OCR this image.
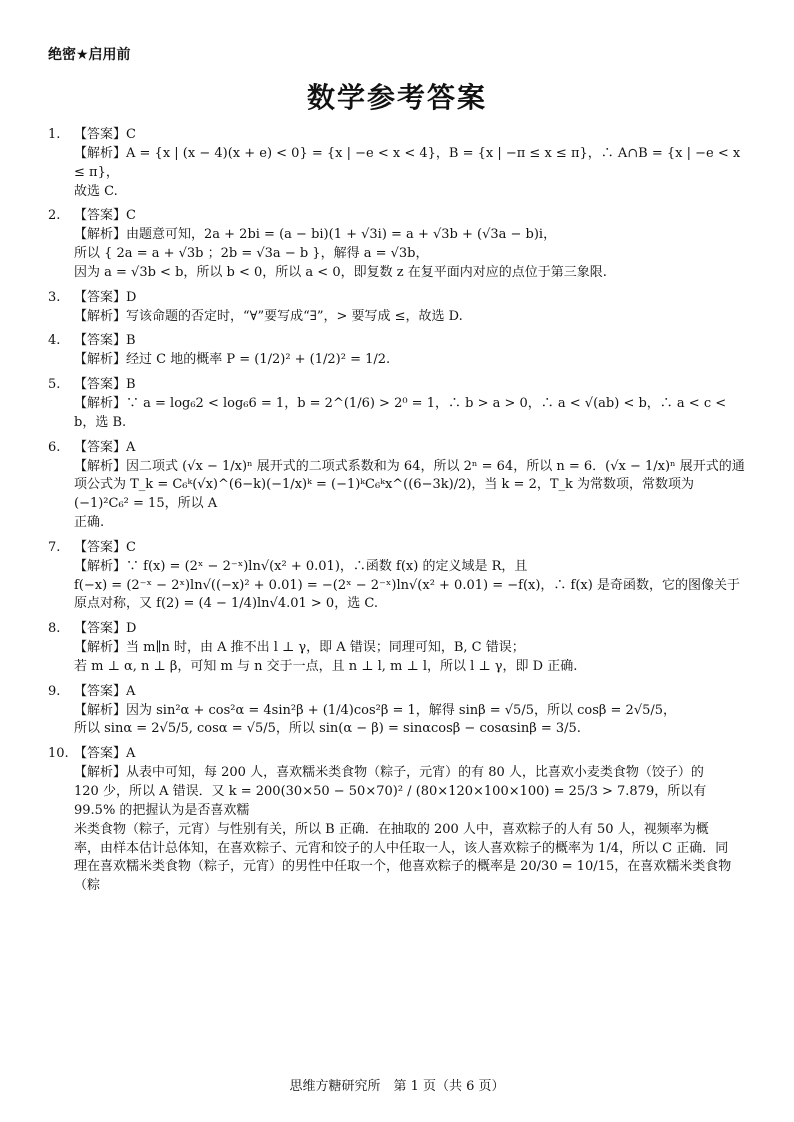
绝密★启用前
数学参考答案
1.	【答案】C
【解析】A = {x | (x − 4)(x + e) < 0} = {x | −e < x < 4}，B = {x | −π ≤ x ≤ π}，∴ A∩B = {x | −e < x ≤ π}，
故选 C.
2.	【答案】C
【解析】由题意可知，2a + 2bi = (a − bi)(1 + √3i) = a + √3b + (√3a − b)i，
所以 { 2a = a + √3b ；2b = √3a − b }，解得 a = √3b，
因为 a = √3b < b，所以 b < 0，所以 a < 0，即复数 z 在复平面内对应的点位于第三象限.
3.	【答案】D
【解析】写该命题的否定时，“∀”要写成“∃”，> 要写成 ≤，故选 D.
4.	【答案】B
【解析】经过 C 地的概率 P = (1/2)² + (1/2)² = 1/2.
5.	【答案】B
【解析】∵ a = log₆2 < log₆6 = 1，b = 2^(1/6) > 2⁰ = 1，∴ b > a > 0，∴ a < √(ab) < b，∴ a < c < b，选 B.
6.	【答案】A
【解析】因二项式 (√x − 1/x)ⁿ 展开式的二项式系数和为 64，所以 2ⁿ = 64，所以 n = 6．(√x − 1/x)ⁿ 展开式的通
项公式为 T_k = C₆ᵏ(√x)^(6−k)(−1/x)ᵏ = (−1)ᵏC₆ᵏx^((6−3k)/2)，当 k = 2，T_k 为常数项，常数项为 (−1)²C₆² = 15，所以 A
正确.
7.	【答案】C
【解析】∵ f(x) = (2ˣ − 2⁻ˣ)ln√(x² + 0.01)，∴函数 f(x) 的定义域是 R，且
f(−x) = (2⁻ˣ − 2ˣ)ln√((−x)² + 0.01) = −(2ˣ − 2⁻ˣ)ln√(x² + 0.01) = −f(x)，∴ f(x) 是奇函数，它的图像关于
原点对称，又 f(2) = (4 − 1/4)ln√4.01 > 0，选 C.
8.	【答案】D
【解析】当 m∥n 时，由 A 推不出 l ⊥ γ，即 A 错误；同理可知，B, C 错误；
若 m ⊥ α, n ⊥ β，可知 m 与 n 交于一点，且 n ⊥ l, m ⊥ l，所以 l ⊥ γ，即 D 正确.
9.	【答案】A
【解析】因为 sin²α + cos²α = 4sin²β + (1/4)cos²β = 1，解得 sinβ = √5/5，所以 cosβ = 2√5/5，
所以 sinα = 2√5/5, cosα = √5/5，所以 sin(α − β) = sinαcosβ − cosαsinβ = 3/5.
10. 【答案】A
【解析】从表中可知，每 200 人，喜欢糯米类食物（粽子，元宵）的有 80 人，比喜欢小麦类食物（饺子）的
120 少，所以 A 错误．又 k = 200(30×50 − 50×70)² / (80×120×100×100) = 25/3 > 7.879，所以有 99.5% 的把握认为是否喜欢糯
米类食物（粽子，元宵）与性别有关，所以 B 正确．在抽取的 200 人中，喜欢粽子的人有 50 人，视频率为概
率，由样本估计总体知，在喜欢粽子、元宵和饺子的人中任取一人，该人喜欢粽子的概率为 1/4，所以 C 正确．同
理在喜欢糯米类食物（粽子，元宵）的男性中任取一个，他喜欢粽子的概率是 20/30 = 10/15，在喜欢糯米类食物（粽
思维方糖研究所　第 1 页（共 6 页）
